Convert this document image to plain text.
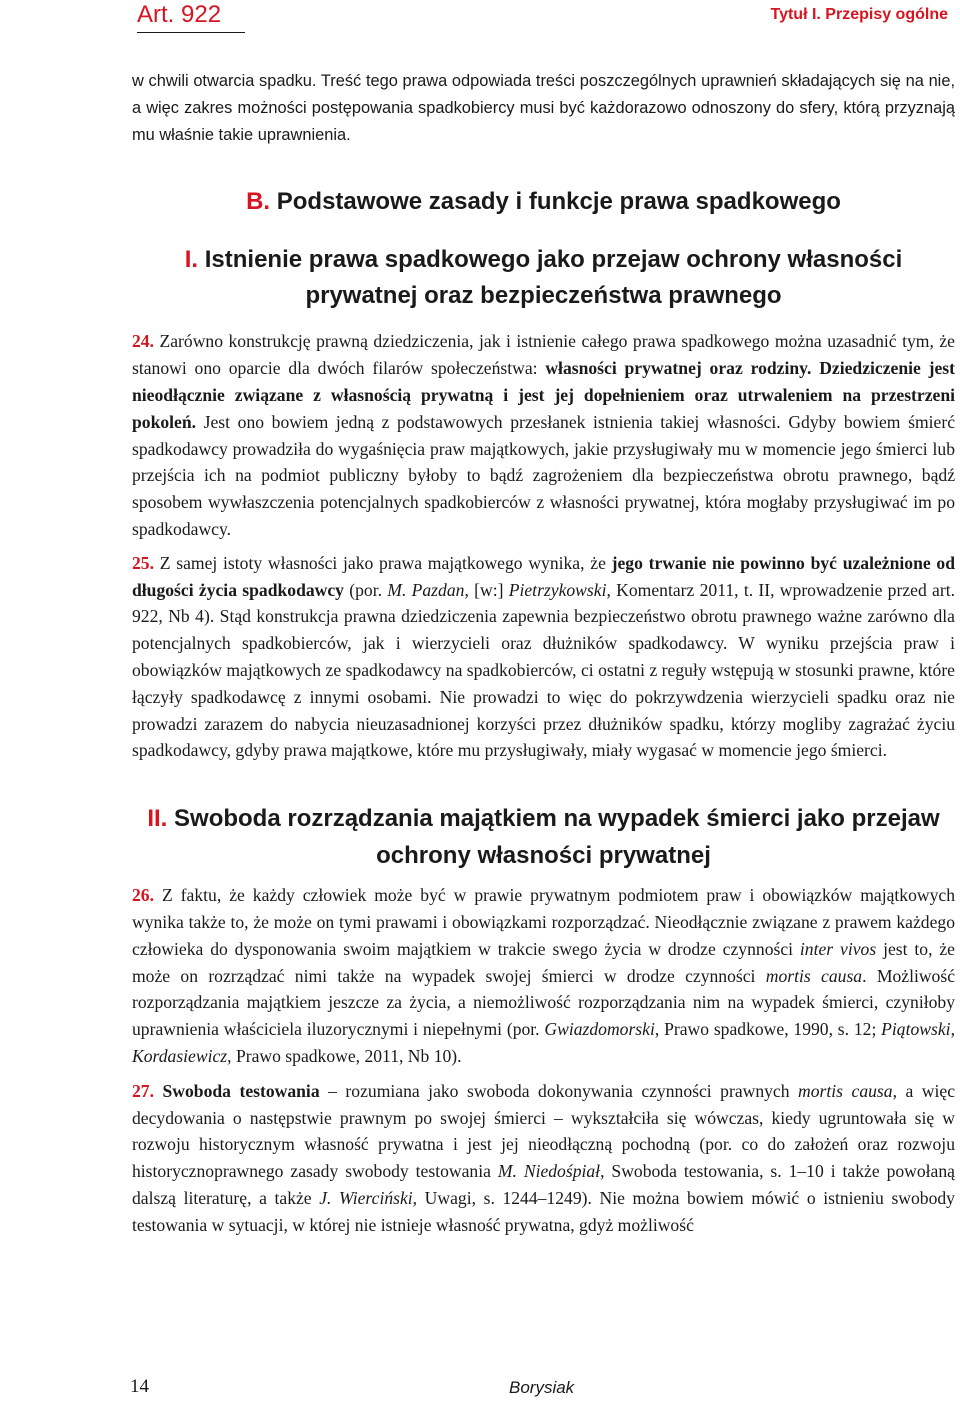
Art. 922	Tytuł I. Przepisy ogólne

w chwili otwarcia spadku. Treść tego prawa odpowiada treści poszczególnych uprawnień składających się na nie, a więc zakres możności postępowania spadkobiercy musi być każdorazowo odnoszony do sfery, którą przyznają mu właśnie takie uprawnienia.

B. Podstawowe zasady i funkcje prawa spadkowego
I. Istnienie prawa spadkowego jako przejaw ochrony własności prywatnej oraz bezpieczeństwa prawnego

24. Zarówno konstrukcję prawną dziedziczenia, jak i istnienie całego prawa spadkowego można uzasadnić tym, że stanowi ono oparcie dla dwóch filarów społeczeństwa: własności prywatnej oraz rodziny. Dziedziczenie jest nieodłącznie związane z własnością prywatną i jest jej dopełnieniem oraz utrwaleniem na przestrzeni pokoleń. Jest ono bowiem jedną z podstawowych przesłanek istnienia takiej własności. Gdyby bowiem śmierć spadkodawcy prowadziła do wygaśnięcia praw majątkowych, jakie przysługiwały mu w momencie jego śmierci lub przejścia ich na podmiot publiczny byłoby to bądź zagrożeniem dla bezpieczeństwa obrotu prawnego, bądź sposobem wywłaszczenia potencjalnych spadkobierców z własności prywatnej, która mogłaby przysługiwać im po spadkodawcy.

25. Z samej istoty własności jako prawa majątkowego wynika, że jego trwanie nie powinno być uzależnione od długości życia spadkodawcy (por. M. Pazdan, [w:] Pietrzykowski, Komentarz 2011, t. II, wprowadzenie przed art. 922, Nb 4). Stąd konstrukcja prawna dziedziczenia zapewnia bezpieczeństwo obrotu prawnego ważne zarówno dla potencjalnych spadkobierców, jak i wierzycieli oraz dłużników spadkodawcy. W wyniku przejścia praw i obowiązków majątkowych ze spadkodawcy na spadkobierców, ci ostatni z reguły wstępują w stosunki prawne, które łączyły spadkodawcę z innymi osobami. Nie prowadzi to więc do pokrzywdzenia wierzycieli spadku oraz nie prowadzi zarazem do nabycia nieuzasadnionej korzyści przez dłużników spadku, którzy mogliby zagrażać życiu spadkodawcy, gdyby prawa majątkowe, które mu przysługiwały, miały wygasać w momencie jego śmierci.

II. Swoboda rozrządzania majątkiem na wypadek śmierci jako przejaw ochrony własności prywatnej

26. Z faktu, że każdy człowiek może być w prawie prywatnym podmiotem praw i obowiązków majątkowych wynika także to, że może on tymi prawami i obowiązkami rozporządzać. Nieodłącznie związane z prawem każdego człowieka do dysponowania swoim majątkiem w trakcie swego życia w drodze czynności inter vivos jest to, że może on rozrządzać nimi także na wypadek swojej śmierci w drodze czynności mortis causa. Możliwość rozporządzania majątkiem jeszcze za życia, a niemożliwość rozporządzania nim na wypadek śmierci, czyniłoby uprawnienia właściciela iluzorycznymi i niepełnymi (por. Gwiazdomorski, Prawo spadkowe, 1990, s. 12; Piątowski, Kordasiewicz, Prawo spadkowe, 2011, Nb 10).

27. Swoboda testowania – rozumiana jako swoboda dokonywania czynności prawnych mortis causa, a więc decydowania o następstwie prawnym po swojej śmierci – wykształciła się wówczas, kiedy ugruntowała się w rozwoju historycznym własność prywatna i jest jej nieodłączną pochodną (por. co do założeń oraz rozwoju historycznoprawnego zasady swobody testowania M. Niedośpiał, Swoboda testowania, s. 1–10 i także powołaną dalszą literaturę, a także J. Wierciński, Uwagi, s. 1244–1249). Nie można bowiem mówić o istnieniu swobody testowania w sytuacji, w której nie istnieje własność prywatna, gdyż możliwość

14	Borysiak
